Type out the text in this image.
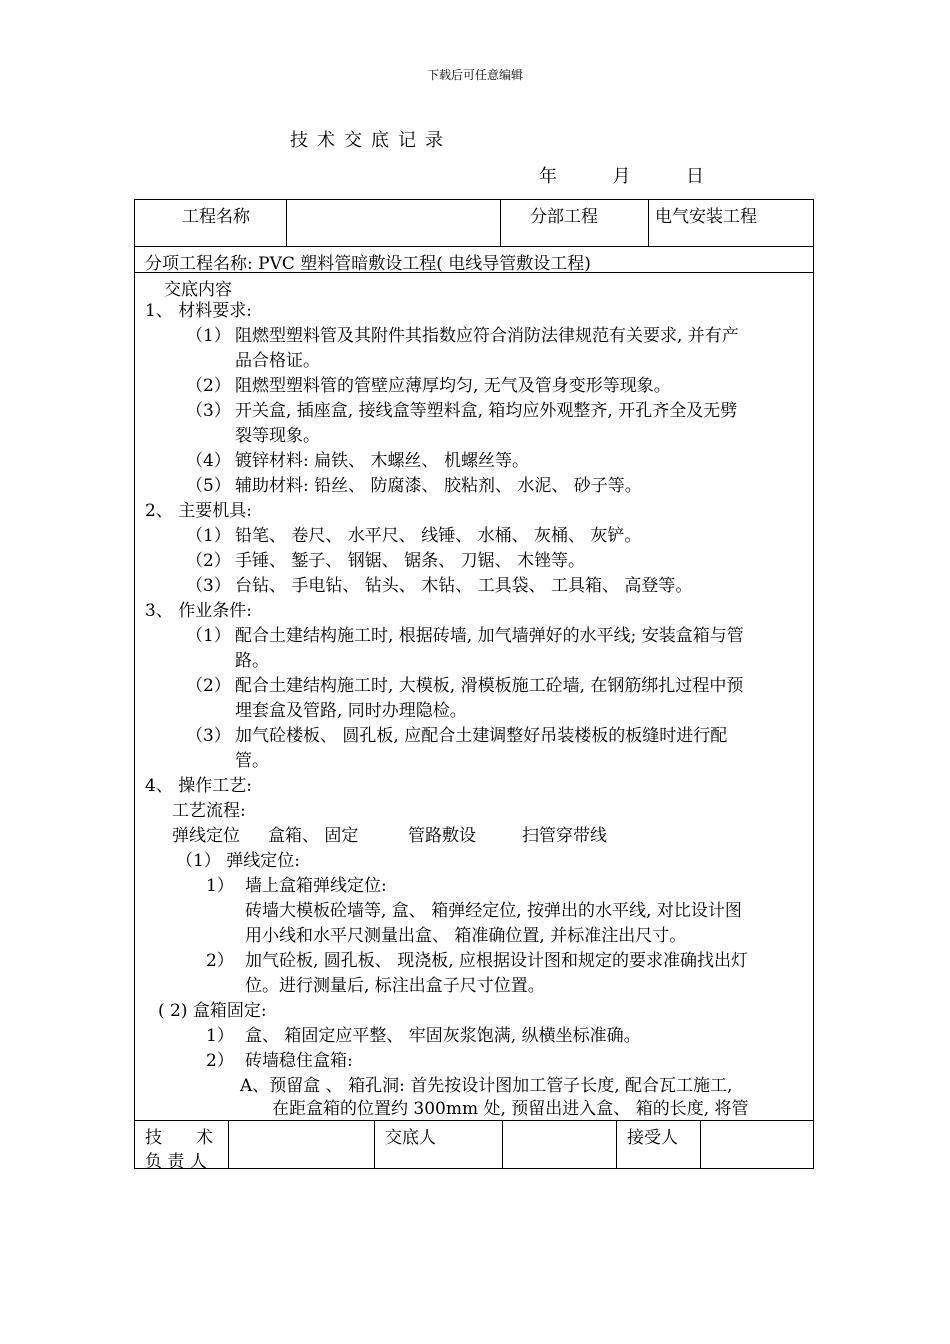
下载后可任意编辑
技术交底记录
年	月	日
工程名称	分部工程	电气安装工程
分项工程名称: PVC 塑料管暗敷设工程( 电线导管敷设工程)
交底内容
1、 材料要求:
（1） 阻燃型塑料管及其附件其指数应符合消防法律规范有关要求, 并有产
品合格证。
（2） 阻燃型塑料管的管壁应薄厚均匀, 无气及管身变形等现象。
（3） 开关盒, 插座盒, 接线盒等塑料盒, 箱均应外观整齐, 开孔齐全及无劈
裂等现象。
（4） 镀锌材料: 扁铁、 木螺丝、 机螺丝等。
（5） 辅助材料: 铅丝、 防腐漆、 胶粘剂、 水泥、 砂子等。
2、 主要机具:
（1） 铅笔、 卷尺、 水平尺、 线锤、 水桶、 灰桶、 灰铲。
（2） 手锤、 錾子、 钢锯、 锯条、 刀锯、 木锉等。
（3） 台钻、 手电钻、 钻头、 木钻、 工具袋、 工具箱、 高登等。
3、 作业条件:
（1） 配合土建结构施工时, 根据砖墙, 加气墙弹好的水平线; 安装盒箱与管
路。
（2） 配合土建结构施工时, 大模板, 滑模板施工砼墙, 在钢筋绑扎过程中预
埋套盒及管路, 同时办理隐检。
（3） 加气砼楼板、 圆孔板, 应配合土建调整好吊装楼板的板缝时进行配
管。
4、 操作工艺:
工艺流程:
弹线定位 盒箱、 固定	管路敷设	扫管穿带线
（1） 弹线定位:
1） 墙上盒箱弹线定位:
砖墙大模板砼墙等, 盒、 箱弹经定位, 按弹出的水平线, 对比设计图
用小线和水平尺测量出盒、 箱准确位置, 并标准注出尺寸。
2） 加气砼板, 圆孔板、 现浇板, 应根据设计图和规定的要求准确找出灯
位。进行测量后, 标注出盒子尺寸位置。
( 2) 盒箱固定:
1） 盒、 箱固定应平整、 牢固灰浆饱满, 纵横坐标准确。
2） 砖墙稳住盒箱:
A、预留盒 、 箱孔洞: 首先按设计图加工管子长度, 配合瓦工施工,
在距盒箱的位置约 300mm 处, 预留出进入盒、 箱的长度, 将管
技　　术
负 责 人
交底人	接受人
